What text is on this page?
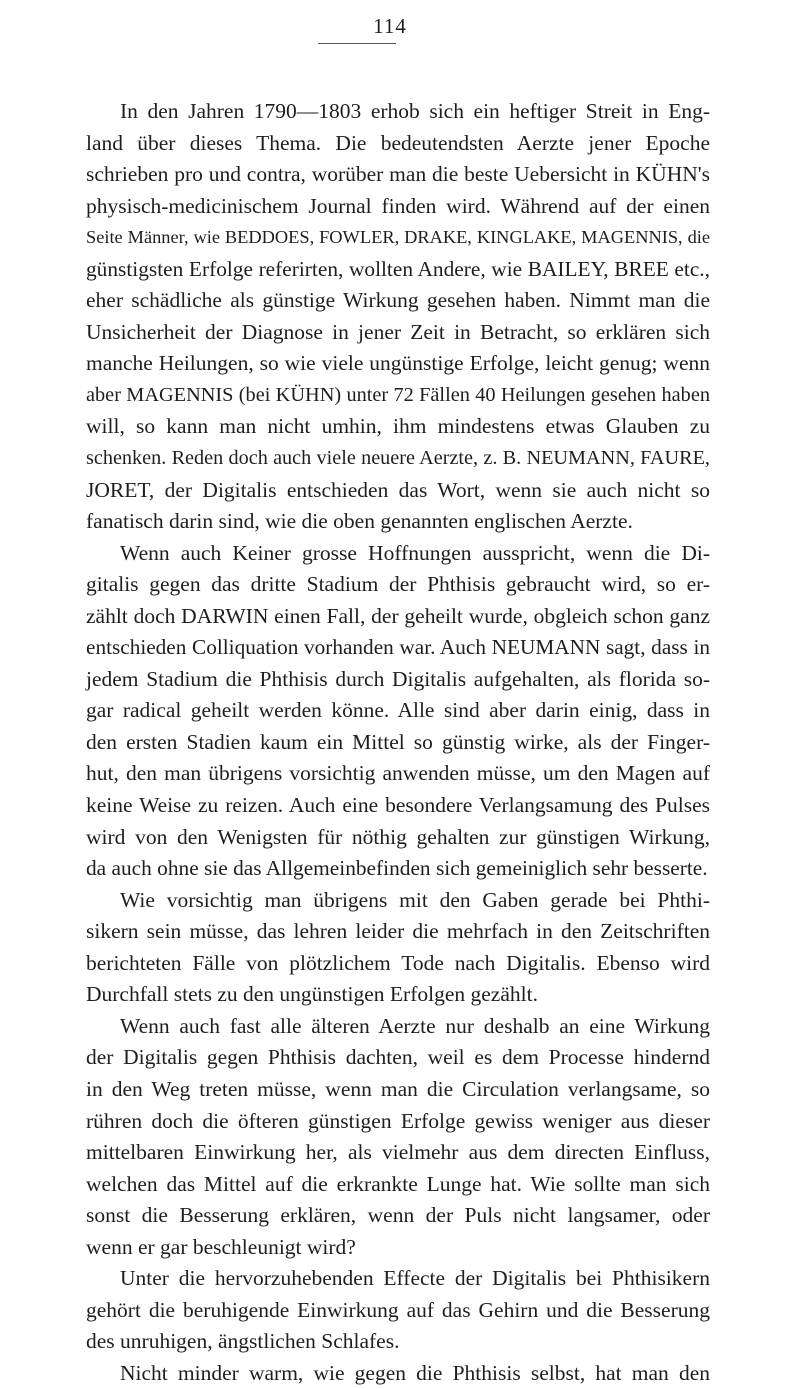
114
In den Jahren 1790—1803 erhob sich ein heftiger Streit in Eng-
land über dieses Thema. Die bedeutendsten Aerzte jener Epoche
schrieben pro und contra, worüber man die beste Uebersicht in KÜHN's
physisch-medicinischem Journal finden wird. Während auf der einen
Seite Männer, wie BEDDOES, FOWLER, DRAKE, KINGLAKE, MAGENNIS, die
günstigsten Erfolge referirten, wollten Andere, wie BAILEY, BREE etc.,
eher schädliche als günstige Wirkung gesehen haben. Nimmt man die
Unsicherheit der Diagnose in jener Zeit in Betracht, so erklären sich
manche Heilungen, so wie viele ungünstige Erfolge, leicht genug; wenn
aber MAGENNIS (bei KÜHN) unter 72 Fällen 40 Heilungen gesehen haben
will, so kann man nicht umhin, ihm mindestens etwas Glauben zu
schenken. Reden doch auch viele neuere Aerzte, z. B. NEUMANN, FAURE,
JORET, der Digitalis entschieden das Wort, wenn sie auch nicht so
fanatisch darin sind, wie die oben genannten englischen Aerzte.
Wenn auch Keiner grosse Hoffnungen ausspricht, wenn die Di-
gitalis gegen das dritte Stadium der Phthisis gebraucht wird, so er-
zählt doch DARWIN einen Fall, der geheilt wurde, obgleich schon ganz
entschieden Colliquation vorhanden war. Auch NEUMANN sagt, dass in
jedem Stadium die Phthisis durch Digitalis aufgehalten, als florida so-
gar radical geheilt werden könne. Alle sind aber darin einig, dass in
den ersten Stadien kaum ein Mittel so günstig wirke, als der Finger-
hut, den man übrigens vorsichtig anwenden müsse, um den Magen auf
keine Weise zu reizen. Auch eine besondere Verlangsamung des Pulses
wird von den Wenigsten für nöthig gehalten zur günstigen Wirkung,
da auch ohne sie das Allgemeinbefinden sich gemeiniglich sehr besserte.
Wie vorsichtig man übrigens mit den Gaben gerade bei Phthi-
sikern sein müsse, das lehren leider die mehrfach in den Zeitschriften
berichteten Fälle von plötzlichem Tode nach Digitalis. Ebenso wird
Durchfall stets zu den ungünstigen Erfolgen gezählt.
Wenn auch fast alle älteren Aerzte nur deshalb an eine Wirkung
der Digitalis gegen Phthisis dachten, weil es dem Processe hindernd
in den Weg treten müsse, wenn man die Circulation verlangsame, so
rühren doch die öfteren günstigen Erfolge gewiss weniger aus dieser
mittelbaren Einwirkung her, als vielmehr aus dem directen Einfluss,
welchen das Mittel auf die erkrankte Lunge hat. Wie sollte man sich
sonst die Besserung erklären, wenn der Puls nicht langsamer, oder
wenn er gar beschleunigt wird?
Unter die hervorzuhebenden Effecte der Digitalis bei Phthisikern
gehört die beruhigende Einwirkung auf das Gehirn und die Besserung
des unruhigen, ängstlichen Schlafes.
Nicht minder warm, wie gegen die Phthisis selbst, hat man den
